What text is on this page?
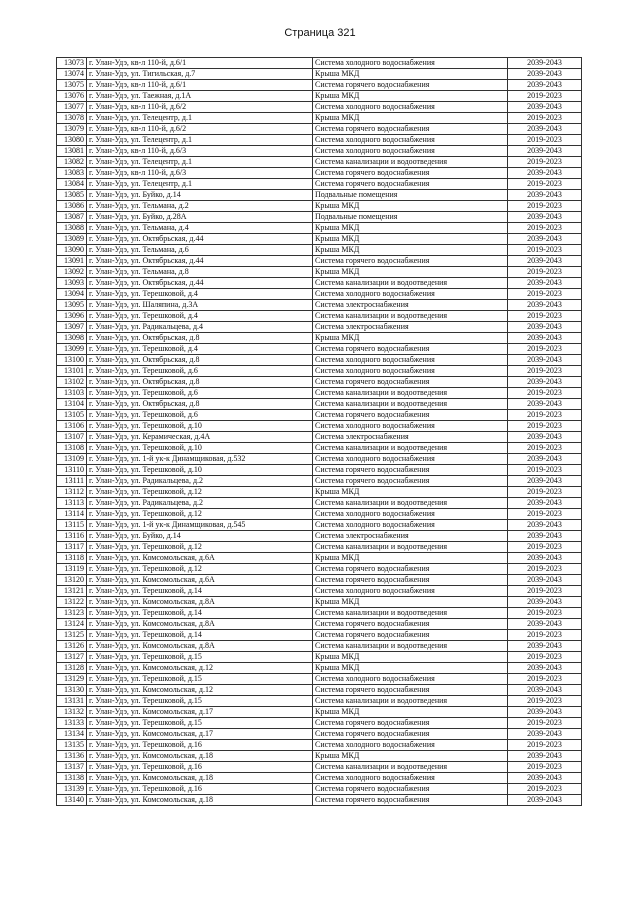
Страница 321
13073	г. Улан-Удэ, кв-л 110-й, д.6/1	Система холодного водоснабжения	2039-2043
13074	г. Улан-Удэ, ул. Тигильская, д.7	Крыша МКД	2039-2043
13075	г. Улан-Удэ, кв-л 110-й, д.6/1	Система горячего водоснабжения	2039-2043
13076	г. Улан-Удэ, ул. Таежная, д.1А	Крыша МКД	2019-2023
13077	г. Улан-Удэ, кв-л 110-й, д.6/2	Система холодного водоснабжения	2039-2043
13078	г. Улан-Удэ, ул. Телецентр, д.1	Крыша МКД	2019-2023
13079	г. Улан-Удэ, кв-л 110-й, д.6/2	Система горячего водоснабжения	2039-2043
13080	г. Улан-Удэ, ул. Телецентр, д.1	Система холодного водоснабжения	2019-2023
13081	г. Улан-Удэ, кв-л 110-й, д.6/3	Система холодного водоснабжения	2039-2043
13082	г. Улан-Удэ, ул. Телецентр, д.1	Система канализации и водоотведения	2019-2023
13083	г. Улан-Удэ, кв-л 110-й, д.6/3	Система горячего водоснабжения	2039-2043
13084	г. Улан-Удэ, ул. Телецентр, д.1	Система горячего водоснабжения	2019-2023
13085	г. Улан-Удэ, ул. Буйко, д.14	Подвальные помещения	2039-2043
13086	г. Улан-Удэ, ул. Тельмана, д.2	Крыша МКД	2019-2023
13087	г. Улан-Удэ, ул. Буйко, д.28А	Подвальные помещения	2039-2043
13088	г. Улан-Удэ, ул. Тельмана, д.4	Крыша МКД	2019-2023
13089	г. Улан-Удэ, ул. Октябрьская, д.44	Крыша МКД	2039-2043
13090	г. Улан-Удэ, ул. Тельмана, д.6	Крыша МКД	2019-2023
13091	г. Улан-Удэ, ул. Октябрьская, д.44	Система горячего водоснабжения	2039-2043
13092	г. Улан-Удэ, ул. Тельмана, д.8	Крыша МКД	2019-2023
13093	г. Улан-Удэ, ул. Октябрьская, д.44	Система канализации и водоотведения	2039-2043
13094	г. Улан-Удэ, ул. Терешковой, д.4	Система холодного водоснабжения	2019-2023
13095	г. Улан-Удэ, ул. Шаляпина, д.3А	Система электроснабжения	2039-2043
13096	г. Улан-Удэ, ул. Терешковой, д.4	Система канализации и водоотведения	2019-2023
13097	г. Улан-Удэ, ул. Радикальцева, д.4	Система электроснабжения	2039-2043
13098	г. Улан-Удэ, ул. Октябрьская, д.8	Крыша МКД	2039-2043
13099	г. Улан-Удэ, ул. Терешковой, д.4	Система горячего водоснабжения	2019-2023
13100	г. Улан-Удэ, ул. Октябрьская, д.8	Система холодного водоснабжения	2039-2043
13101	г. Улан-Удэ, ул. Терешковой, д.6	Система холодного водоснабжения	2019-2023
13102	г. Улан-Удэ, ул. Октябрьская, д.8	Система горячего водоснабжения	2039-2043
13103	г. Улан-Удэ, ул. Терешковой, д.6	Система канализации и водоотведения	2019-2023
13104	г. Улан-Удэ, ул. Октябрьская, д.8	Система канализации и водоотведения	2039-2043
13105	г. Улан-Удэ, ул. Терешковой, д.6	Система горячего водоснабжения	2019-2023
13106	г. Улан-Удэ, ул. Терешковой, д.10	Система холодного водоснабжения	2019-2023
13107	г. Улан-Удэ, ул. Керамическая, д.4А	Система электроснабжения	2039-2043
13108	г. Улан-Удэ, ул. Терешковой, д.10	Система канализации и водоотведения	2019-2023
13109	г. Улан-Удэ, ул. 1-й ук-к Динамщиковая, д.532	Система холодного водоснабжения	2039-2043
13110	г. Улан-Удэ, ул. Терешковой, д.10	Система горячего водоснабжения	2019-2023
13111	г. Улан-Удэ, ул. Радикальцева, д.2	Система горячего водоснабжения	2039-2043
13112	г. Улан-Удэ, ул. Терешковой, д.12	Крыша МКД	2019-2023
13113	г. Улан-Удэ, ул. Радикальцева, д.2	Система канализации и водоотведения	2039-2043
13114	г. Улан-Удэ, ул. Терешковой, д.12	Система холодного водоснабжения	2019-2023
13115	г. Улан-Удэ, ул. 1-й ук-к Динамщиковая, д.545	Система холодного водоснабжения	2039-2043
13116	г. Улан-Удэ, ул. Буйко, д.14	Система электроснабжения	2039-2043
13117	г. Улан-Удэ, ул. Терешковой, д.12	Система канализации и водоотведения	2019-2023
13118	г. Улан-Удэ, ул. Комсомольская, д.6А	Крыша МКД	2039-2043
13119	г. Улан-Удэ, ул. Терешковой, д.12	Система горячего водоснабжения	2019-2023
13120	г. Улан-Удэ, ул. Комсомольская, д.6А	Система горячего водоснабжения	2039-2043
13121	г. Улан-Удэ, ул. Терешковой, д.14	Система холодного водоснабжения	2019-2023
13122	г. Улан-Удэ, ул. Комсомольская, д.8А	Крыша МКД	2039-2043
13123	г. Улан-Удэ, ул. Терешковой, д.14	Система канализации и водоотведения	2019-2023
13124	г. Улан-Удэ, ул. Комсомольская, д.8А	Система горячего водоснабжения	2039-2043
13125	г. Улан-Удэ, ул. Терешковой, д.14	Система горячего водоснабжения	2019-2023
13126	г. Улан-Удэ, ул. Комсомольская, д.8А	Система канализации и водоотведения	2039-2043
13127	г. Улан-Удэ, ул. Терешковой, д.15	Крыша МКД	2019-2023
13128	г. Улан-Удэ, ул. Комсомольская, д.12	Крыша МКД	2039-2043
13129	г. Улан-Удэ, ул. Терешковой, д.15	Система холодного водоснабжения	2019-2023
13130	г. Улан-Удэ, ул. Комсомольская, д.12	Система горячего водоснабжения	2039-2043
13131	г. Улан-Удэ, ул. Терешковой, д.15	Система канализации и водоотведения	2019-2023
13132	г. Улан-Удэ, ул. Комсомольская, д.17	Крыша МКД	2039-2043
13133	г. Улан-Удэ, ул. Терешковой, д.15	Система горячего водоснабжения	2019-2023
13134	г. Улан-Удэ, ул. Комсомольская, д.17	Система горячего водоснабжения	2039-2043
13135	г. Улан-Удэ, ул. Терешковой, д.16	Система холодного водоснабжения	2019-2023
13136	г. Улан-Удэ, ул. Комсомольская, д.18	Крыша МКД	2039-2043
13137	г. Улан-Удэ, ул. Терешковой, д.16	Система канализации и водоотведения	2019-2023
13138	г. Улан-Удэ, ул. Комсомольская, д.18	Система холодного водоснабжения	2039-2043
13139	г. Улан-Удэ, ул. Терешковой, д.16	Система горячего водоснабжения	2019-2023
13140	г. Улан-Удэ, ул. Комсомольская, д.18	Система горячего водоснабжения	2039-2043
